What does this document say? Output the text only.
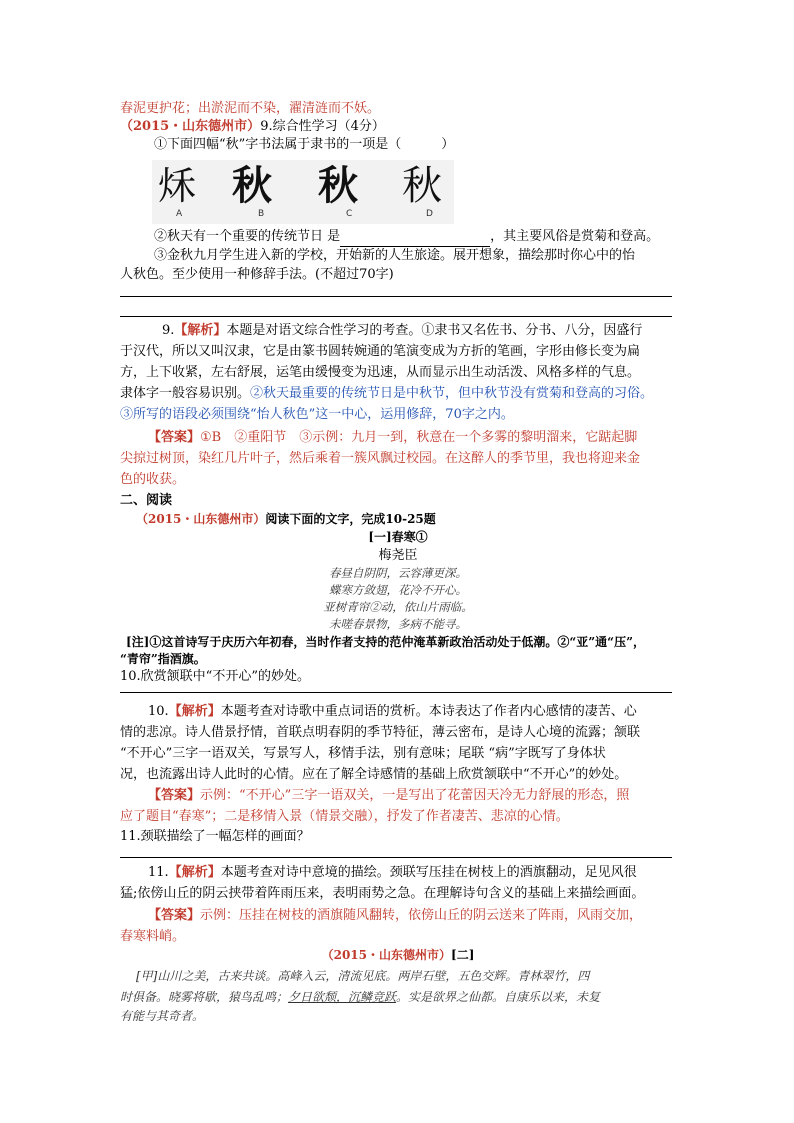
春泥更护花；出淤泥而不染，濯清涟而不妖。
（2015・山东德州市）9.综合性学习（4分）
①下面四幅“秋”字书法属于隶书的一项是（	）
秌 秋 秋 秋
A	B	C	D
②秋天有一个重要的传统节日 是	，其主要风俗是赏菊和登高。
③金秋九月学生进入新的学校，开始新的人生旅途。展开想象，描绘那时你心中的怡
人秋色。至少使用一种修辞手法。(不超过70字)
9.【解析】本题是对语文综合性学习的考查。①隶书又名佐书、分书、八分，因盛行
于汉代，所以又叫汉隶，它是由篆书圆转婉通的笔演变成为方折的笔画，字形由修长变为扁
方，上下收紧，左右舒展，运笔由缓慢变为迅速，从而显示出生动活泼、风格多样的气息。
隶体字一般容易识别。②秋天最重要的传统节日是中秋节，但中秋节没有赏菊和登高的习俗。
③所写的语段必须围绕“怡人秋色”这一中心，运用修辞，70字之内。
【答案】①B　②重阳节　③示例：九月一到，秋意在一个多雾的黎明溜来，它踮起脚
尖掠过树顶，染红几片叶子，然后乘着一簇风飘过校园。在这醉人的季节里，我也将迎来金
色的收获。
二、阅读
（2015・山东德州市）阅读下面的文字，完成10-25题
[一]春寒①
梅尧臣
春昼自阴阴，云容薄更深。
蝶寒方敛翅，花冷不开心。
亚树青帘②动，依山片雨临。
未嗟春景物，多病不能寻。
[注]①这首诗写于庆历六年初春，当时作者支持的范仲淹革新政治活动处于低潮。②“亚”通“压”，
“青帘”指酒旗。
10.欣赏颔联中“不开心”的妙处。
10.【解析】本题考查对诗歌中重点词语的赏析。本诗表达了作者内心感情的凄苦、心
情的悲凉。诗人借景抒情，首联点明春阴的季节特征，薄云密布，是诗人心境的流露；颔联
“不开心”三字一语双关，写景写人，移情手法，别有意味；尾联 “病”字既写了身体状
况，也流露出诗人此时的心情。应在了解全诗感情的基础上欣赏颔联中“不开心”的妙处。
【答案】示例：“不开心”三字一语双关，一是写出了花蕾因天冷无力舒展的形态，照
应了题目“春寒”；二是移情入景（情景交融），抒发了作者凄苦、悲凉的心情。
11.颈联描绘了一幅怎样的画面？
11.【解析】本题考查对诗中意境的描绘。颈联写压挂在树枝上的酒旗翻动，足见风很
猛;依傍山丘的阴云挟带着阵雨压来，表明雨势之急。在理解诗句含义的基础上来描绘画面。
【答案】示例：压挂在树枝的酒旗随风翻转，依傍山丘的阴云送来了阵雨，风雨交加，
春寒料峭。
（2015・山东德州市）[二]
[甲]山川之美，古来共谈。高峰入云，清流见底。两岸石壁，五色交辉。青林翠竹，四
时俱备。晓雾将歇，猿鸟乱鸣；夕日欲颓，沉鳞竞跃。实是欲界之仙都。自康乐以来，未复
有能与其奇者。
